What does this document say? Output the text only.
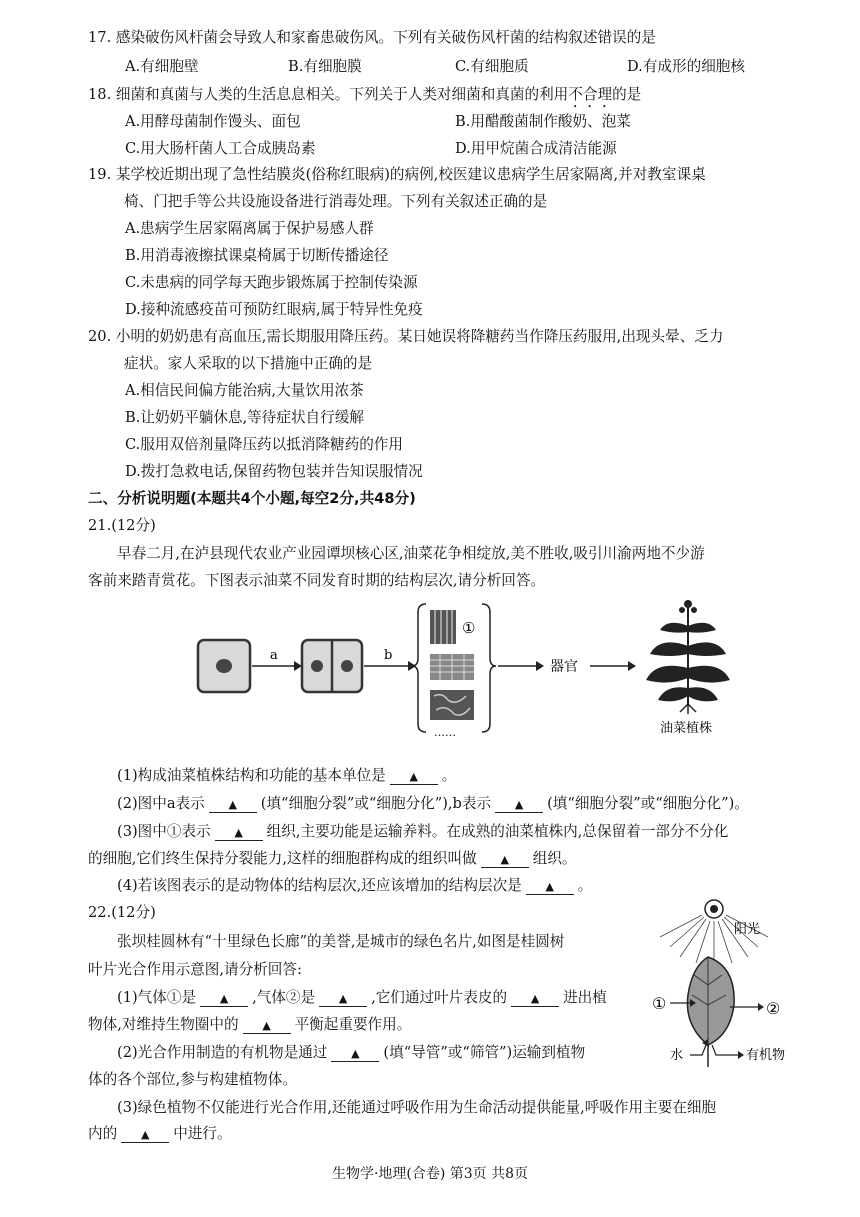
17. 感染破伤风杆菌会导致人和家畜患破伤风。下列有关破伤风杆菌的结构叙述错误的是
A.有细胞壁	B.有细胞膜	C.有细胞质	D.有成形的细胞核
18. 细菌和真菌与人类的生活息息相关。下列关于人类对细菌和真菌的利用不合理的是
A.用酵母菌制作馒头、面包	B.用醋酸菌制作酸奶、泡菜
C.用大肠杆菌人工合成胰岛素	D.用甲烷菌合成清洁能源
19. 某学校近期出现了急性结膜炎(俗称红眼病)的病例,校医建议患病学生居家隔离,并对教室课桌
椅、门把手等公共设施设备进行消毒处理。下列有关叙述正确的是
A.患病学生居家隔离属于保护易感人群
B.用消毒液擦拭课桌椅属于切断传播途径
C.未患病的同学每天跑步锻炼属于控制传染源
D.接种流感疫苗可预防红眼病,属于特异性免疫
20. 小明的奶奶患有高血压,需长期服用降压药。某日她误将降糖药当作降压药服用,出现头晕、乏力
症状。家人采取的以下措施中正确的是
A.相信民间偏方能治病,大量饮用浓茶
B.让奶奶平躺休息,等待症状自行缓解
C.服用双倍剂量降压药以抵消降糖药的作用
D.拨打急救电话,保留药物包装并告知误服情况
二、分析说明题(本题共4个小题,每空2分,共48分)
21.(12分)
早春二月,在泸县现代农业产业园谭坝核心区,油菜花争相绽放,美不胜收,吸引川渝两地不少游
客前来踏青赏花。下图表示油菜不同发育时期的结构层次,请分析回答。
a	b
①
……
器官
油菜植株
(1)构成油菜植株结构和功能的基本单位是 ▲ 。
(2)图中a表示 ▲ (填“细胞分裂”或“细胞分化”),b表示 ▲ (填“细胞分裂”或“细胞分化”)。
(3)图中①表示 ▲ 组织,主要功能是运输养料。在成熟的油菜植株内,总保留着一部分不分化
的细胞,它们终生保持分裂能力,这样的细胞群构成的组织叫做 ▲ 组织。
(4)若该图表示的是动物体的结构层次,还应该增加的结构层次是 ▲ 。
22.(12分)
张坝桂圆林有“十里绿色长廊”的美誉,是城市的绿色名片,如图是桂圆树
叶片光合作用示意图,请分析回答:
(1)气体①是 ▲ ,气体②是 ▲ ,它们通过叶片表皮的 ▲ 进出植
物体,对维持生物圈中的 ▲ 平衡起重要作用。
(2)光合作用制造的有机物是通过 ▲ (填“导管”或“筛管”)运输到植物
体的各个部位,参与构建植物体。
阳光
①	②
水	有机物
(3)绿色植物不仅能进行光合作用,还能通过呼吸作用为生命活动提供能量,呼吸作用主要在细胞
生物学·地理(合卷) 第3页 共8页
内的 ▲ 中进行。
